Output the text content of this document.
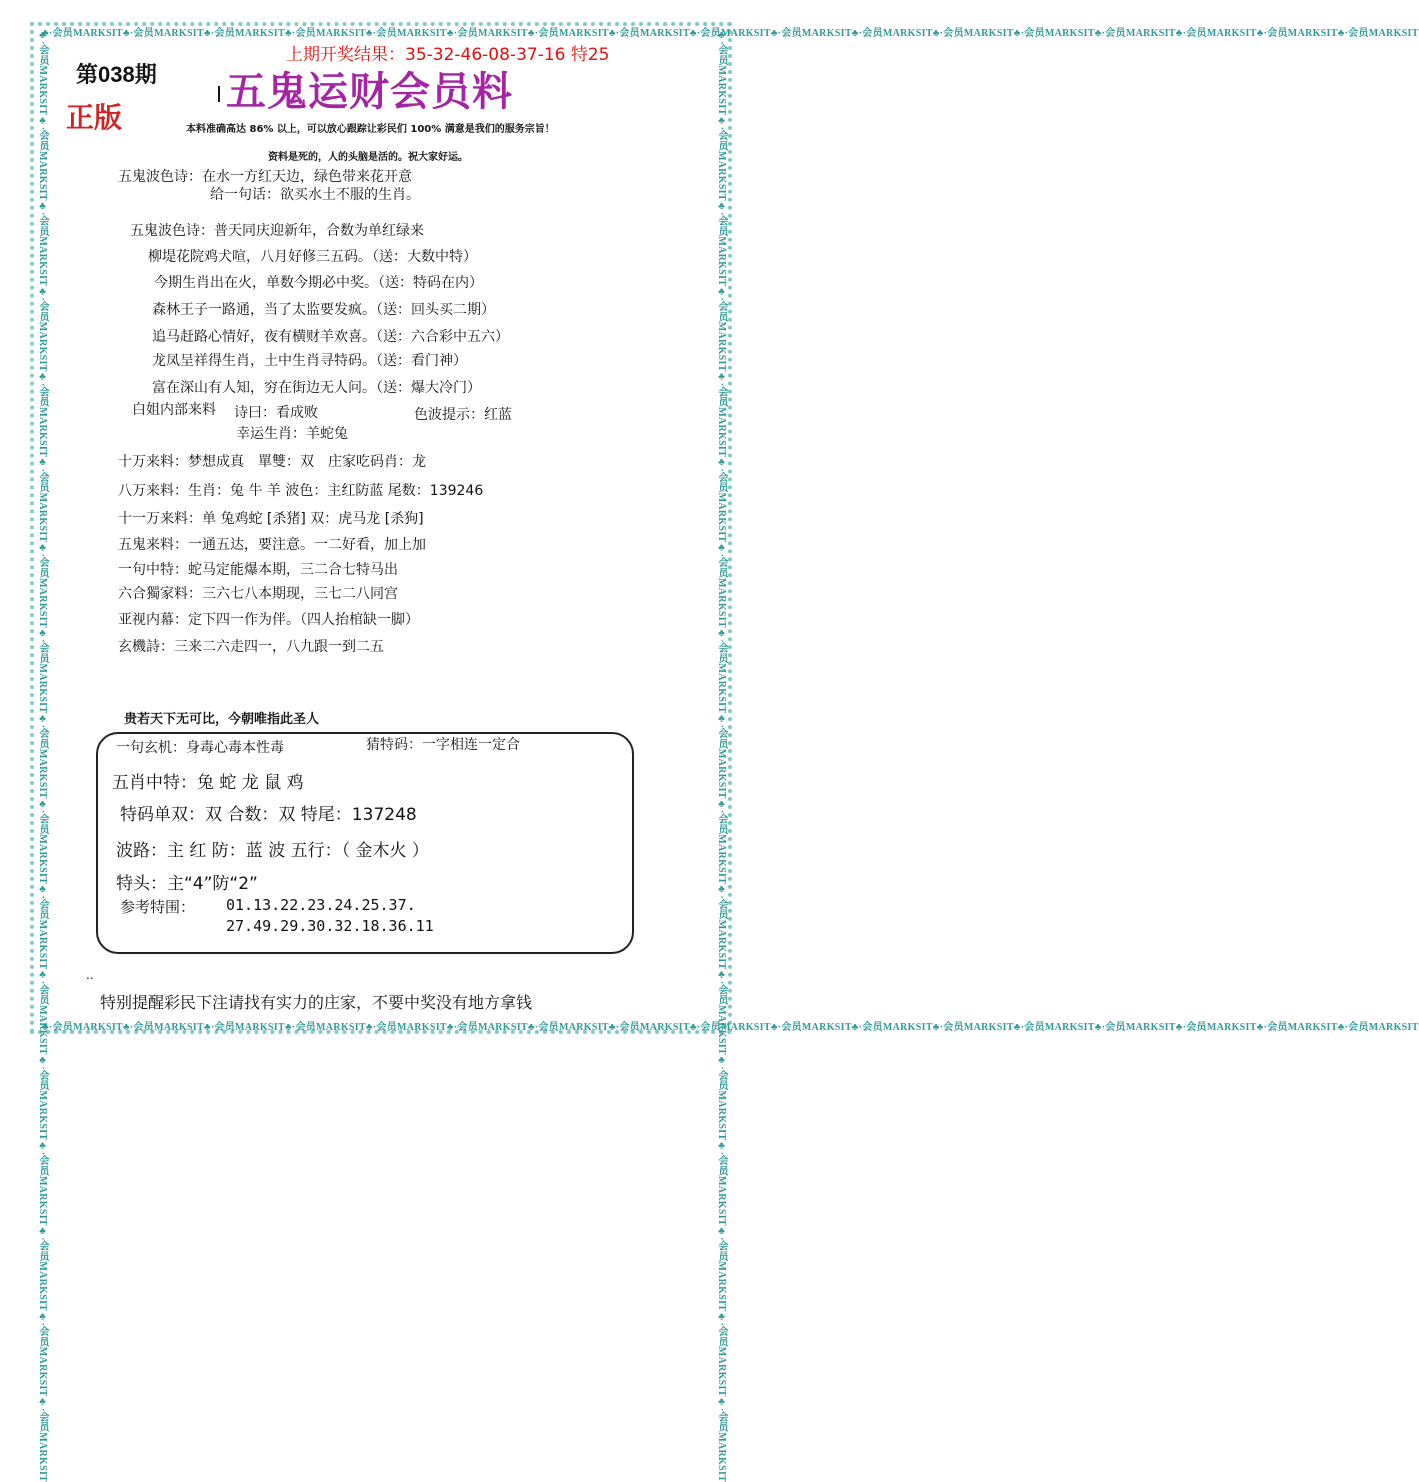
♣·会员MARKSIT♣·会员MARKSIT♣·会员MARKSIT♣·会员MARKSIT♣·会员MARKSIT♣·会员MARKSIT♣·会员MARKSIT♣·会员MARKSIT♣·会员MARKSIT♣·会员MARKSIT♣·会员MARKSIT♣·会员MARKSIT♣·会员MARKSIT♣·会员MARKSIT♣·会员MARKSIT♣·会员MARKSIT♣·会员MARKSIT
♣·会员MARKSIT♣·会员MARKSIT♣·会员MARKSIT♣·会员MARKSIT♣·会员MARKSIT♣·会员MARKSIT♣·会员MARKSIT♣·会员MARKSIT♣·会员MARKSIT♣·会员MARKSIT♣·会员MARKSIT♣·会员MARKSIT♣·会员MARKSIT♣·会员MARKSIT♣·会员MARKSIT♣·会员MARKSIT♣·会员MARKSIT
♣·会员MARKSIT♣·会员MARKSIT♣·会员MARKSIT♣·会员MARKSIT♣·会员MARKSIT♣·会员MARKSIT♣·会员MARKSIT♣·会员MARKSIT♣·会员MARKSIT♣·会员MARKSIT♣·会员MARKSIT♣·会员MARKSIT♣·会员MARKSIT♣·会员MARKSIT♣·会员MARKSIT♣·会员MARKSIT♣·会员MARKSIT	♣·会员MARKSIT♣·会员MARKSIT♣·会员MARKSIT♣·会员MARKSIT♣·会员MARKSIT♣·会员MARKSIT♣·会员MARKSIT♣·会员MARKSIT♣·会员MARKSIT♣·会员MARKSIT♣·会员MARKSIT♣·会员MARKSIT♣·会员MARKSIT♣·会员MARKSIT♣·会员MARKSIT♣·会员MARKSIT♣·会员MARKSIT
上期开奖结果：35-32-46-08-37-16 特25
第038期 五鬼运财会员料
正版	本料准确高达 86% 以上，可以放心跟踪让彩民们 100% 满意是我们的服务宗旨！
资料是死的，人的头脑是活的。祝大家好运。
五鬼波色诗：在水一方红天边，绿色带来花开意
给一句话：欲买水土不服的生肖。
五鬼波色诗：普天同庆迎新年，合数为单红绿来
柳堤花院鸡犬喧，八月好修三五码。（送：大数中特）
今期生肖出在火，单数今期必中奖。（送：特码在内）
森林王子一路通，当了太监要发疯。（送：回头买二期）
追马赶路心情好，夜有横财羊欢喜。（送：六合彩中五六）
龙凤呈祥得生肖，土中生肖寻特码。（送：看门神）
富在深山有人知，穷在街边无人问。（送：爆大冷门）
白姐内部来料 诗曰：看成败	色波提示：红蓝
幸运生肖：羊蛇兔
十万来料：梦想成真　單雙：双　庄家吃码肖：龙
八万来料：生肖：兔 牛 羊 波色：主红防蓝 尾数：139246
十一万来料：单 兔鸡蛇 [杀猪] 双：虎马龙 [杀狗]
五鬼来料：一通五达，要注意。一二好看，加上加
一句中特：蛇马定能爆本期，三二合七特马出
六合獨家料：三六七八本期现，三七二八同宫
亚视内幕：定下四一作为伴。（四人抬棺缺一脚）
玄機詩：三来二六走四一，八九跟一到二五
贵若天下无可比，今朝唯指此圣人
一句玄机：身毒心毒本性毒	猜特码：一字相连一定合
五肖中特：兔 蛇 龙 鼠 鸡
特码单双：双 合数：双 特尾：137248
波路：主 红 防：蓝 波 五行：（ 金木火 ）
特头：主“4”防“2”
参考特围： 01.13.22.23.24.25.37.
27.49.29.30.32.18.36.11
..
特别提醒彩民下注请找有实力的庄家，不要中奖没有地方拿钱
